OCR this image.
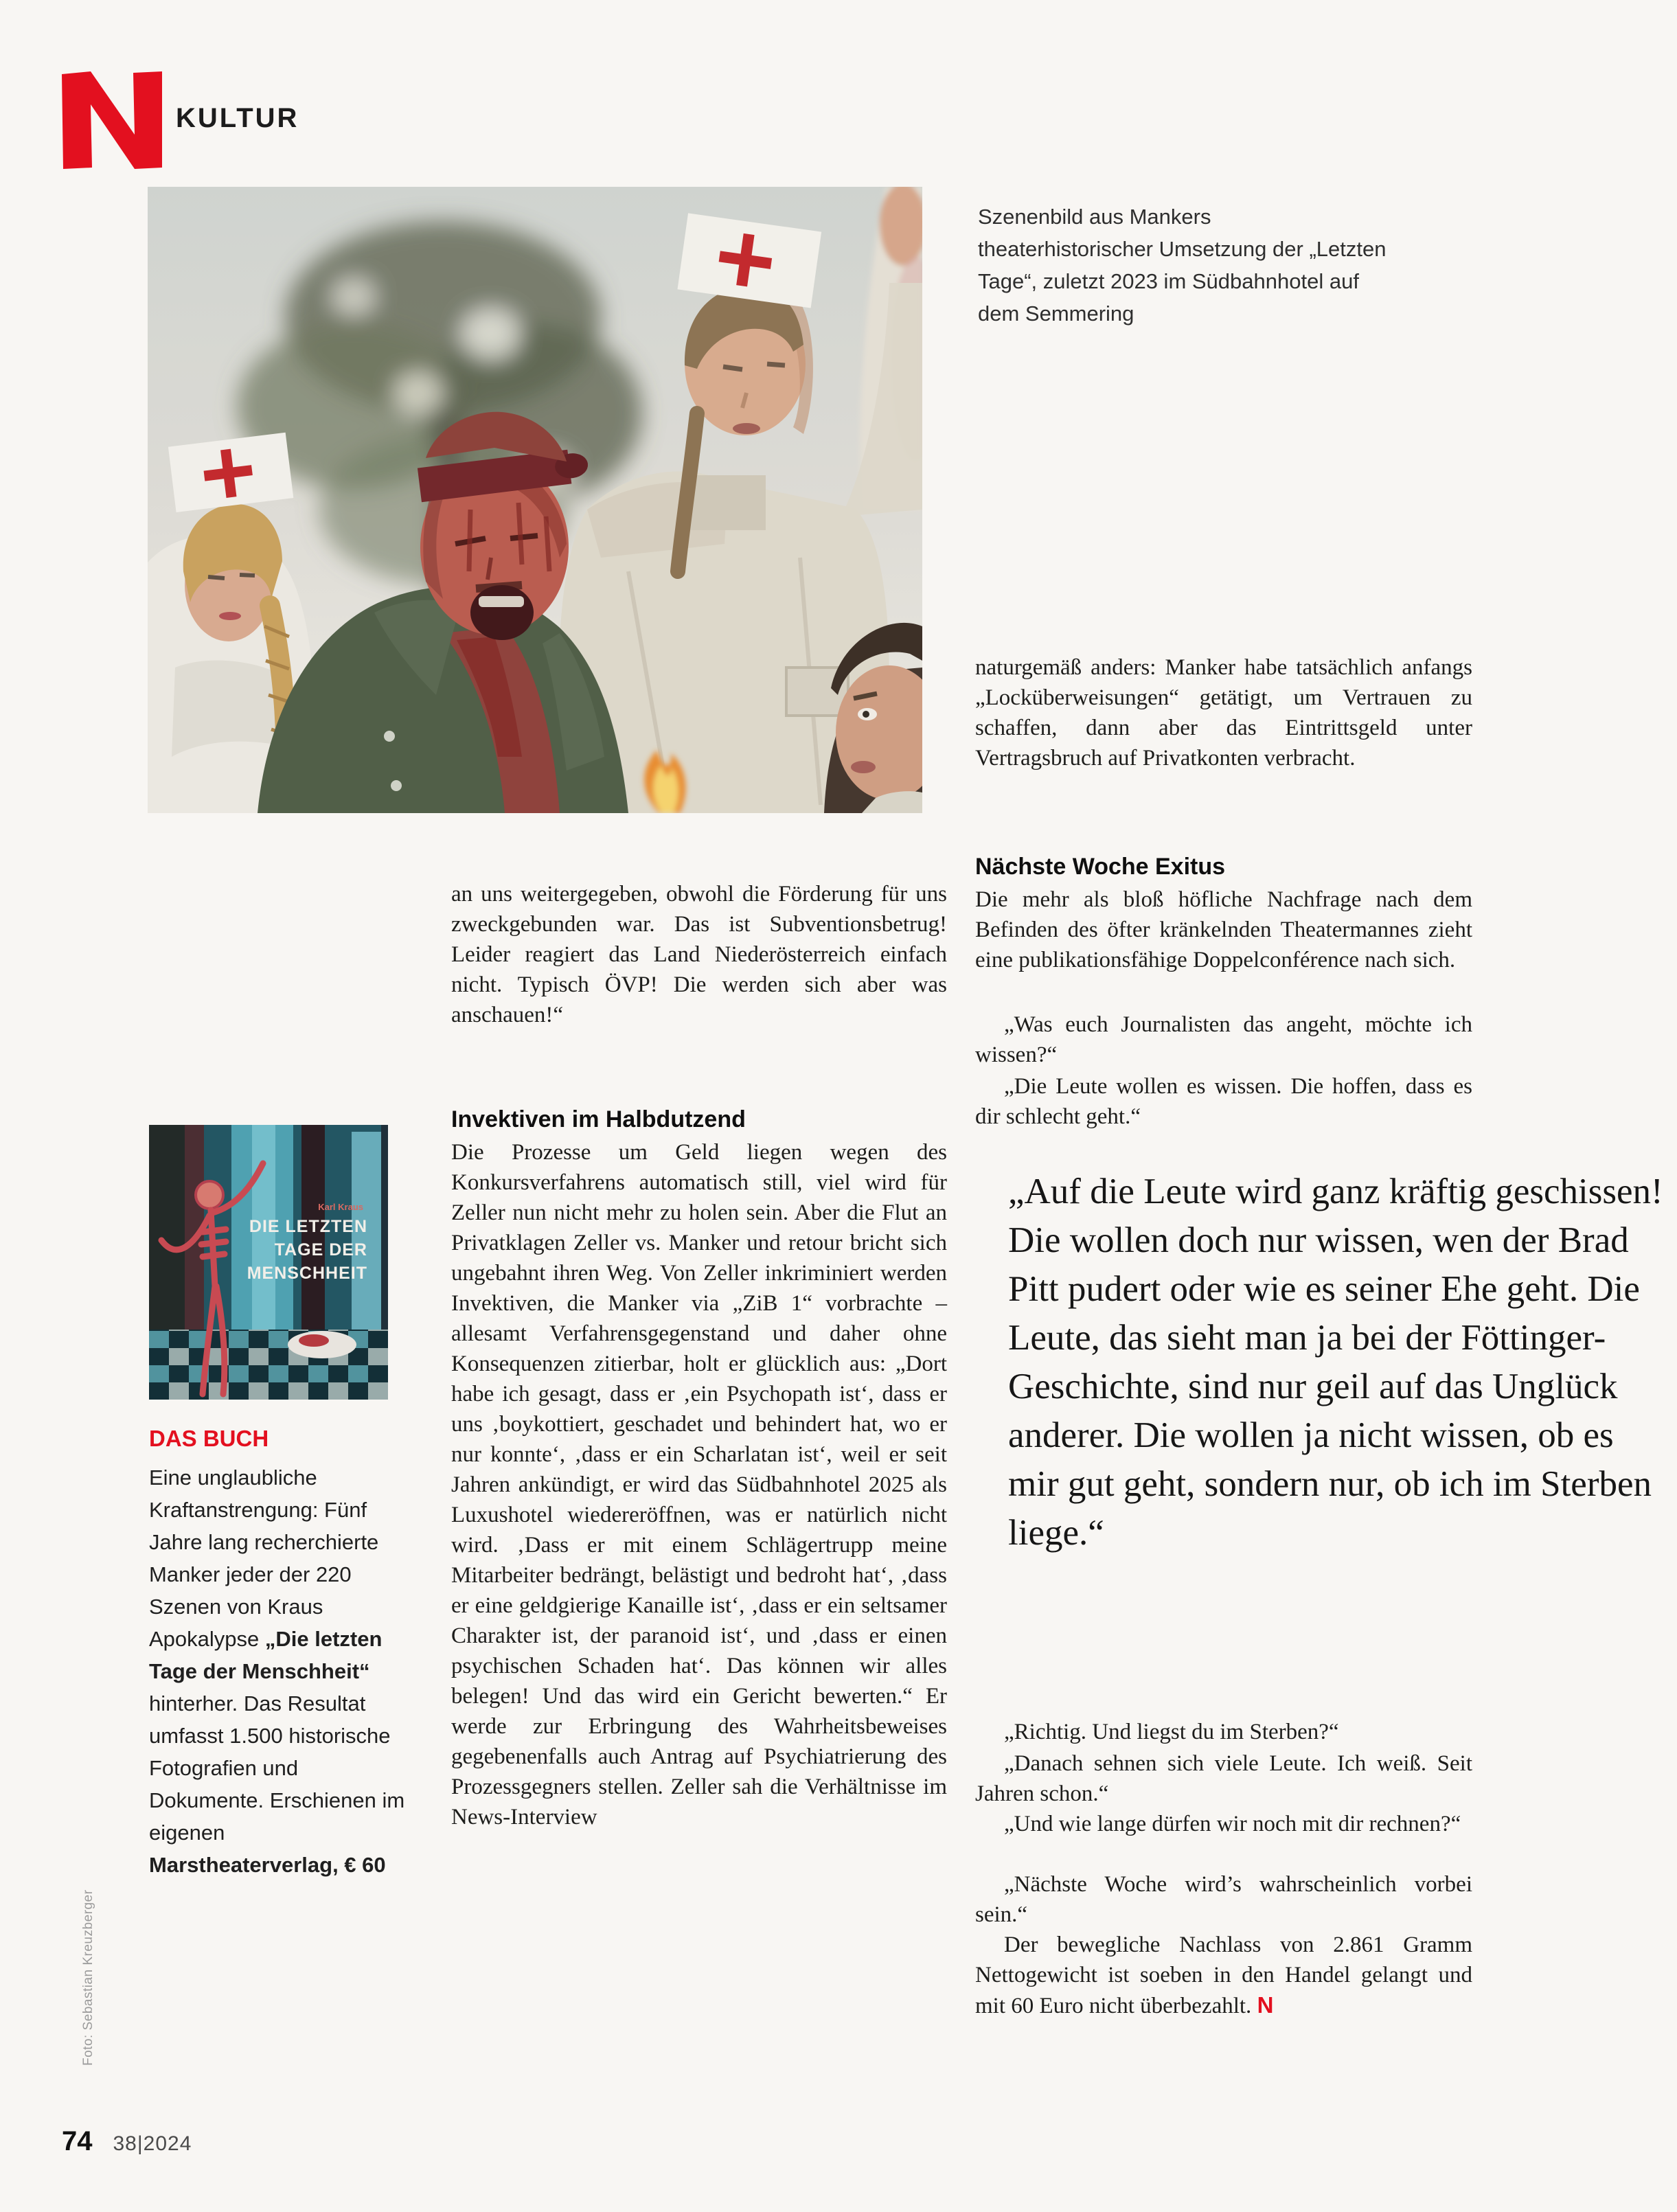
KULTUR

Szenenbild aus Mankers theaterhistorischer Umsetzung der „Letzten Tage“, zuletzt 2023 im Südbahnhotel auf dem Semmering

an uns weitergegeben, obwohl die Förderung für uns zweckgebunden war. Das ist Subventionsbetrug! Leider reagiert das Land Niederösterreich einfach nicht. Typisch ÖVP! Die werden sich aber was anschauen!“

Invektiven im Halbdutzend

Die Prozesse um Geld liegen wegen des Konkursverfahrens automatisch still, viel wird für Zeller nun nicht mehr zu holen sein. Aber die Flut an Privatklagen Zeller vs. Manker und retour bricht sich ungebahnt ihren Weg. Von Zeller inkriminiert werden Invektiven, die Manker via „ZiB 1“ vorbrachte – allesamt Verfahrensgegenstand und daher ohne Konsequenzen zitierbar, holt er glücklich aus: „Dort habe ich gesagt, dass er ‚ein Psychopath ist‘, dass er uns ‚boykottiert, geschadet und behindert hat, wo er nur konnte‘, ‚dass er ein Scharlatan ist‘, weil er seit Jahren ankündigt, er wird das Südbahnhotel 2025 als Luxushotel wiedereröffnen, was er natürlich nicht wird. ‚Dass er mit einem Schlägertrupp meine Mitarbeiter bedrängt, belästigt und bedroht hat‘, ‚dass er eine geldgierige Kanaille ist‘, ‚dass er ein seltsamer Charakter ist, der paranoid ist‘, und ‚dass er einen psychischen Schaden hat‘. Das können wir alles belegen! Und das wird ein Gericht bewerten.“ Er werde zur Erbringung des Wahrheitsbeweises gegebenenfalls auch Antrag auf Psychiatrierung des Prozessgegners stellen. Zeller sah die Verhältnisse im News-Interview

naturgemäß anders: Manker habe tatsächlich anfangs „Locküberweisungen“ getätigt, um Vertrauen zu schaffen, dann aber das Eintrittsgeld unter Vertragsbruch auf Privatkonten verbracht.

Nächste Woche Exitus

Die mehr als bloß höfliche Nachfrage nach dem Befinden des öfter kränkelnden Theatermannes zieht eine publikationsfähige Doppelconférence nach sich.

„Was euch Journalisten das angeht, möchte ich wissen?“

„Die Leute wollen es wissen. Die hoffen, dass es dir schlecht geht.“

„Auf die Leute wird ganz kräftig geschissen! Die wollen doch nur wissen, wen der Brad Pitt pudert oder wie es seiner Ehe geht. Die Leute, das sieht man ja bei der Föttinger-Geschichte, sind nur geil auf das Unglück anderer. Die wollen ja nicht wissen, ob es mir gut geht, sondern nur, ob ich im Sterben liege.“

„Richtig. Und liegst du im Sterben?“

„Danach sehnen sich viele Leute. Ich weiß. Seit Jahren schon.“

„Und wie lange dürfen wir noch mit dir rechnen?“

„Nächste Woche wird’s wahrscheinlich vorbei sein.“

Der bewegliche Nachlass von 2.861 Gramm Nettogewicht ist soeben in den Handel gelangt und mit 60 Euro nicht überbezahlt. N

Karl Kraus
DIE LETZTEN
TAGE DER
MENSCHHEIT
DAS BUCH

Eine unglaubliche Kraftanstrengung: Fünf Jahre lang recherchierte Manker jeder der 220 Szenen von Kraus Apokalypse „Die letzten Tage der Menschheit“ hinterher. Das Resultat umfasst 1.500 historische Fotografien und Dokumente. Erschienen im eigenen Marstheaterverlag, € 60

Foto: Sebastian Kreuzberger
74 38|2024
